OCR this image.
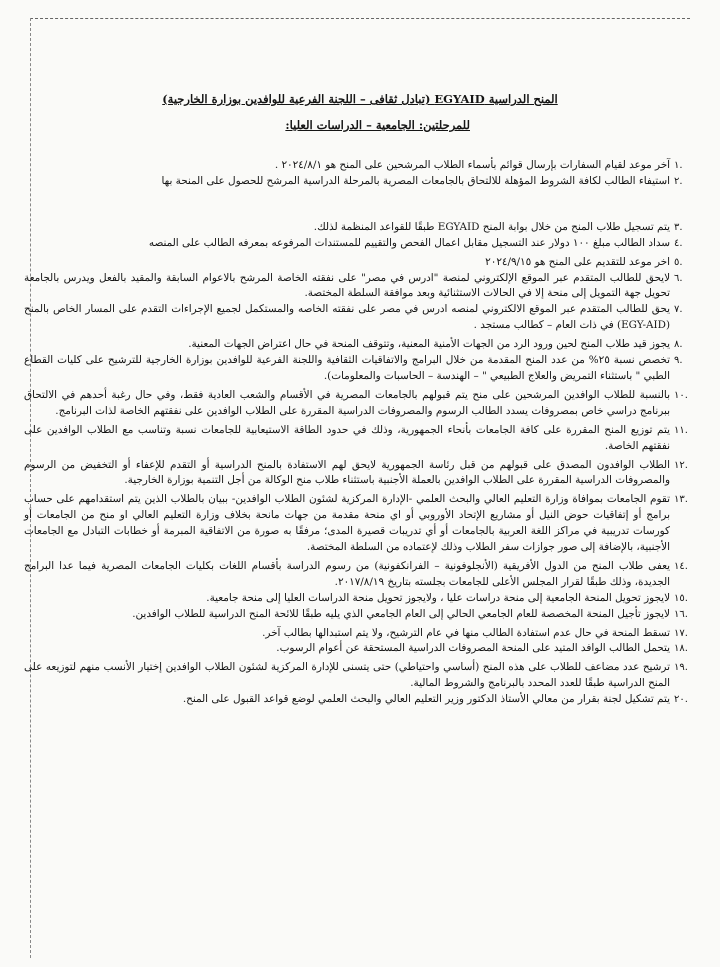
المنح الدراسية EGYAID (تبادل ثقافى – اللجنة الفرعية للوافدين بوزارة الخارجية)
للمرحلتين: الجامعية – الدراسات العليا:
.١
آخر موعد لقيام السفارات بإرسال قوائم بأسماء الطلاب المرشحين على المنح هو ٢٠٢٤/٨/١ .
.٢
استيفاء الطالب لكافة الشروط المؤهلة للالتحاق بالجامعات المصرية بالمرحلة الدراسية المرشح للحصول على المنحة بها
.٣
يتم تسجيل طلاب المنح من خلال بوابة المنح EGYAID طبقًا للقواعد المنظمة لذلك.
.٤
سداد الطالب مبلغ ١٠٠ دولار عند التسجيل مقابل اعمال الفحص والتقييم للمستندات المرفوعه بمعرفه الطالب على المنصه
.٥
اخر موعد للتقديم على المنح هو ٢٠٢٤/٩/١٥
.٦
لايحق للطالب المتقدم عبر الموقع الإلكتروني لمنصة "ادرس في مصر" على نفقته الخاصة المرشح بالاعوام السابقة والمقيد بالفعل ويدرس بالجامعة تحويل جهة التمويل إلى منحة إلا في الحالات الاستثنائية وبعد موافقة السلطة المختصة.
.٧
يحق للطالب المتقدم عبر الموقع الالكتروني لمنصه ادرس في مصر على نفقته الخاصه والمستكمل لجميع الإجراءات التقدم على المسار الخاص بالمنح (EGY-AID) في ذات العام – كطالب مستجد .
.٨
يجوز قيد طلاب المنح لحين ورود الرد من الجهات الأمنية المعنية، وتتوقف المنحة في حال اعتراض الجهات المعنية.
.٩
تخصص نسبة ٢٥% من عدد المنح المقدمة من خلال البرامج والاتفاقيات الثقافية واللجنة الفرعية للوافدين بوزارة الخارجية للترشيح على كليات القطاع الطبي " باستثناء التمريض والعلاج الطبيعي " – الهندسة – الحاسبات والمعلومات).
.١٠
بالنسبة للطلاب الوافدين المرشحين على منح يتم قبولهم بالجامعات المصرية في الأقسام والشعب العادية فقط، وفي حال رغبة أحدهم في الالتحاق ببرنامج دراسي خاص بمصروفات يسدد الطالب الرسوم والمصروفات الدراسية المقررة على الطلاب الوافدين على نفقتهم الخاصة لذات البرنامج.
.١١
يتم توزيع المنح المقررة على كافة الجامعات بأنحاء الجمهورية، وذلك في حدود الطاقة الاستيعابية للجامعات نسبة وتناسب مع الطلاب الوافدين على نفقتهم الخاصة.
.١٢
الطلاب الوافدون المصدق على قبولهم من قبل رئاسة الجمهورية لايحق لهم الاستفادة بالمنح الدراسية أو التقدم للإعفاء أو التخفيض من الرسوم والمصروفات الدراسية المقررة على الطلاب الوافدين بالعملة الأجنبية باستثناء طلاب منح الوكالة من أجل التنمية بوزارة الخارجية.
.١٣
تقوم الجامعات بموافاة وزارة التعليم العالي والبحث العلمي -الإدارة المركزية لشئون الطلاب الوافدين- ببيان بالطلاب الذين يتم استقدامهم على حساب برامج أو إتفاقيات حوض النيل أو مشاريع الإتحاد الأوروبي أو اي منحة مقدمة من جهات مانحة بخلاف وزارة التعليم العالي او منح من الجامعات أو كورسات تدريبية في مراكز اللغة العربية بالجامعات أو أي تدريبات قصيرة المدى؛ مرفقًا به صورة من الاتفاقية المبرمة أو خطابات التبادل مع الجامعات الأجنبية، بالإضافة إلى صور جوازات سفر الطلاب وذلك لإعتماده من السلطة المختصة.
.١٤
يعفى طلاب المنح من الدول الأفريقية (الأنجلوفونية – الفرانكفونية) من رسوم الدراسة بأقسام اللغات بكليات الجامعات المصرية فيما عدا البرامج الجديدة، وذلك طبقًا لقرار المجلس الأعلى للجامعات بجلسته بتاريخ ٢٠١٧/٨/١٩.
.١٥
لايجوز تحويل المنحة الجامعية إلى منحة دراسات عليا ، ولايجوز تحويل منحة الدراسات العليا إلى منحة جامعية.
.١٦
لايجوز تأجيل المنحة المخصصة للعام الجامعي الحالي إلى العام الجامعي الذي يليه طبقًا للائحة المنح الدراسية للطلاب الوافدين.
.١٧
تسقط المنحة في حال عدم استفادة الطالب منها في عام الترشيح، ولا يتم استبدالها بطالب آخر.
.١٨
يتحمل الطالب الوافد المتيد على المنحة المصروفات الدراسية المستحقة عن أعوام الرسوب.
.١٩
ترشيح عدد مضاعف للطلاب على هذه المنح (أساسي واحتياطي) حتى يتسنى للإدارة المركزية لشئون الطلاب الوافدين إختيار الأنسب منهم لتوزيعه على المنح الدراسية طبقًا للعدد المحدد بالبرنامج والشروط المالية.
.٢٠
يتم تشكيل لجنة بقرار من معالي الأستاذ الدكتور وزير التعليم العالي والبحث العلمي لوضع قواعد القبول على المنح.
